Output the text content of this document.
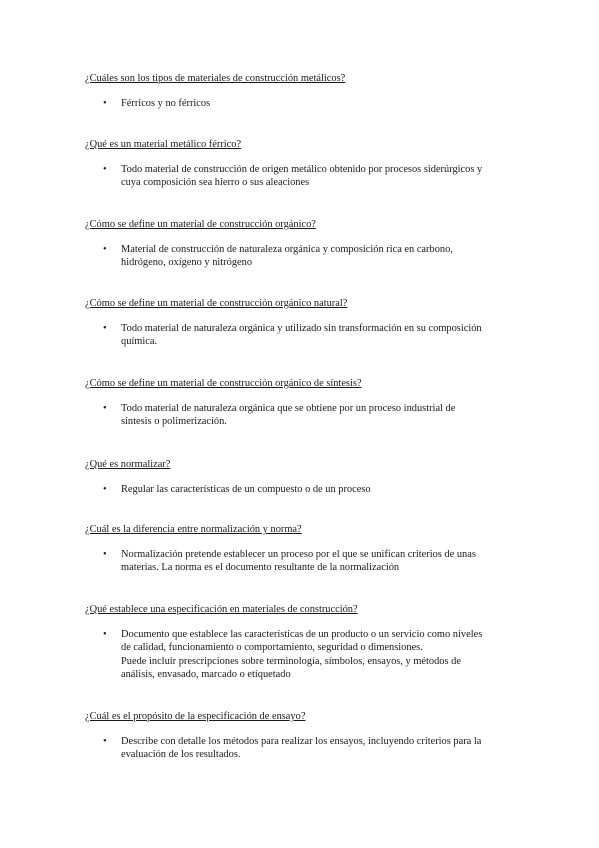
¿Cuáles son los tipos de materiales de construcción metálicos?
• Férricos y no férricos
¿Qué es un material metálico férrico?
• Todo material de construcción de origen metálico obtenido por procesos siderúrgicos y
cuya composición sea hierro o sus aleaciones
¿Cómo se define un material de construcción orgánico?
• Material de construcción de naturaleza orgánica y composición rica en carbono,
hidrógeno, oxígeno y nitrógeno
¿Cómo se define un material de construcción orgánico natural?
• Todo material de naturaleza orgánica y utilizado sin transformación en su composición
química.
¿Cómo se define un material de construcción orgánico de síntesis?
• Todo material de naturaleza orgánica que se obtiene por un proceso industrial de
síntesis o polimerización.
¿Qué es normalizar?
• Regular las características de un compuesto o de un proceso
¿Cuál es la diferencia entre normalización y norma?
• Normalización pretende establecer un proceso por el que se unifican criterios de unas
materias. La norma es el documento resultante de la normalización
¿Qué establece una especificación en materiales de construcción?
• Documento que establece las características de un producto o un servicio como niveles
de calidad, funcionamiento o comportamiento, seguridad o dimensiones.
Puede incluir prescripciones sobre terminología, símbolos, ensayos, y métodos de
análisis, envasado, marcado o etiquetado
¿Cuál es el propósito de la especificación de ensayo?
• Describe con detalle los métodos para realizar los ensayos, incluyendo criterios para la
evaluación de los resultados.
